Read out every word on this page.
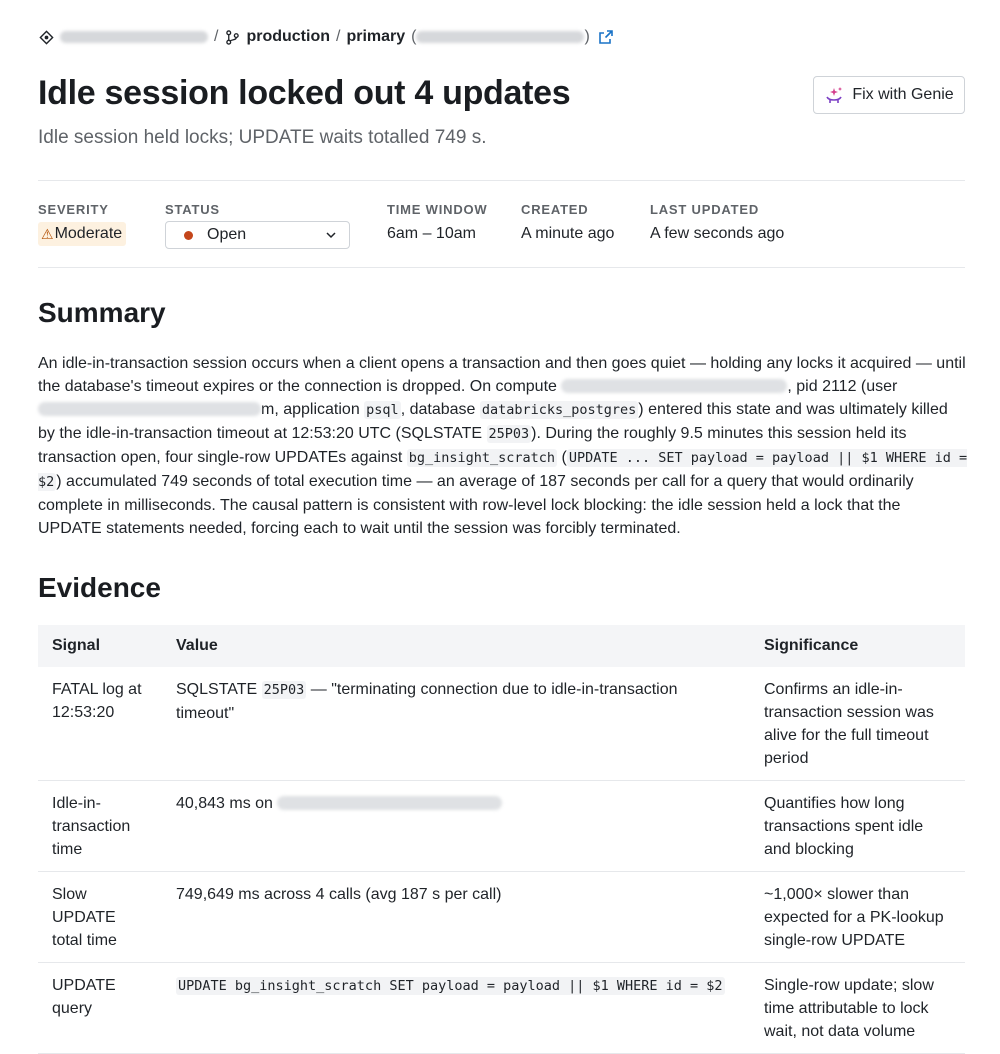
/ production / primary (	)
Idle session locked out 4 updates
Idle session held locks; UPDATE waits totalled 749 s.
Fix with Genie
SEVERITY
⚠ Moderate
STATUS
Open
TIME WINDOW
6am – 10am
CREATED
A minute ago
LAST UPDATED
A few seconds ago
Summary

An idle-in-transaction session occurs when a client opens a transaction and then goes quiet — holding any locks it acquired — until the database's timeout expires or the connection is dropped. On compute	, pid 2112 (user m, application psql , database databricks_postgres ) entered this state and was ultimately killed by the idle-in-transaction timeout at 12:53:20 UTC (SQLSTATE 25P03 ). During the roughly 9.5 minutes this session held its transaction open, four single-row UPDATEs against bg_insight_scratch ( UPDATE ... SET payload = payload || $1 WHERE id = $2 ) accumulated 749 seconds of total execution time — an average of 187 seconds per call for a query that would ordinarily complete in milliseconds. The causal pattern is consistent with row-level lock blocking: the idle session held a lock that the UPDATE statements needed, forcing each to wait until the session was forcibly terminated.

Evidence
Signal	Value	Significance
FATAL log at 12:53:20	SQLSTATE 25P03 — "terminating connection due to idle-in-transaction timeout"	Confirms an idle-in-transaction session was alive for the full timeout period
Idle-in-transaction time	40,843 ms on	Quantifies how long transactions spent idle and blocking
Slow UPDATE total time	749,649 ms across 4 calls (avg 187 s per call)	~1,000× slower than expected for a PK-lookup single-row UPDATE
UPDATE query	UPDATE bg_insight_scratch SET payload = payload || $1 WHERE id = $2	Single-row update; slow time attributable to lock wait, not data volume
